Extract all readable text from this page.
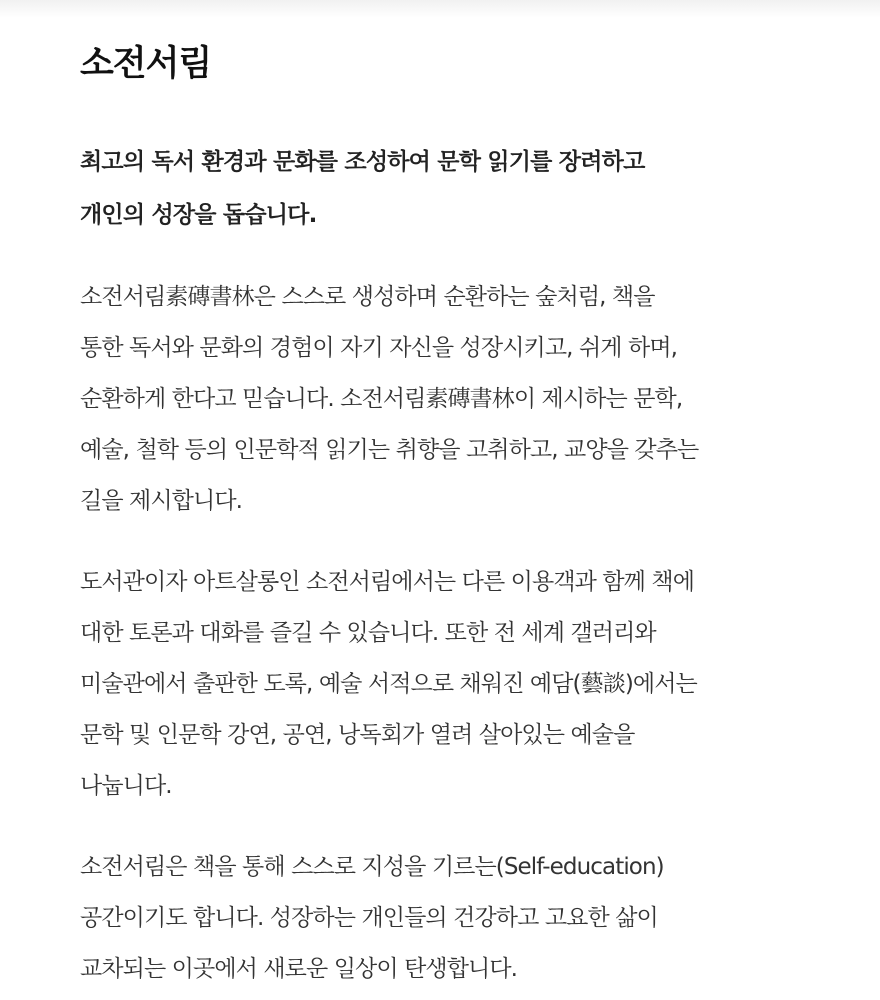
소전서림

최고의 독서 환경과 문화를 조성하여 문학 읽기를 장려하고
개인의 성장을 돕습니다.

소전서림素磚書林은 스스로 생성하며 순환하는 숲처럼, 책을
통한 독서와 문화의 경험이 자기 자신을 성장시키고, 쉬게 하며,
순환하게 한다고 믿습니다. 소전서림素磚書林이 제시하는 문학,
예술, 철학 등의 인문학적 읽기는 취향을 고취하고, 교양을 갖추는
길을 제시합니다.

도서관이자 아트살롱인 소전서림에서는 다른 이용객과 함께 책에
대한 토론과 대화를 즐길 수 있습니다. 또한 전 세계 갤러리와
미술관에서 출판한 도록, 예술 서적으로 채워진 예담(藝談)에서는
문학 및 인문학 강연, 공연, 낭독회가 열려 살아있는 예술을
나눕니다.

소전서림은 책을 통해 스스로 지성을 기르는(Self-education)
공간이기도 합니다. 성장하는 개인들의 건강하고 고요한 삶이
교차되는 이곳에서 새로운 일상이 탄생합니다.
